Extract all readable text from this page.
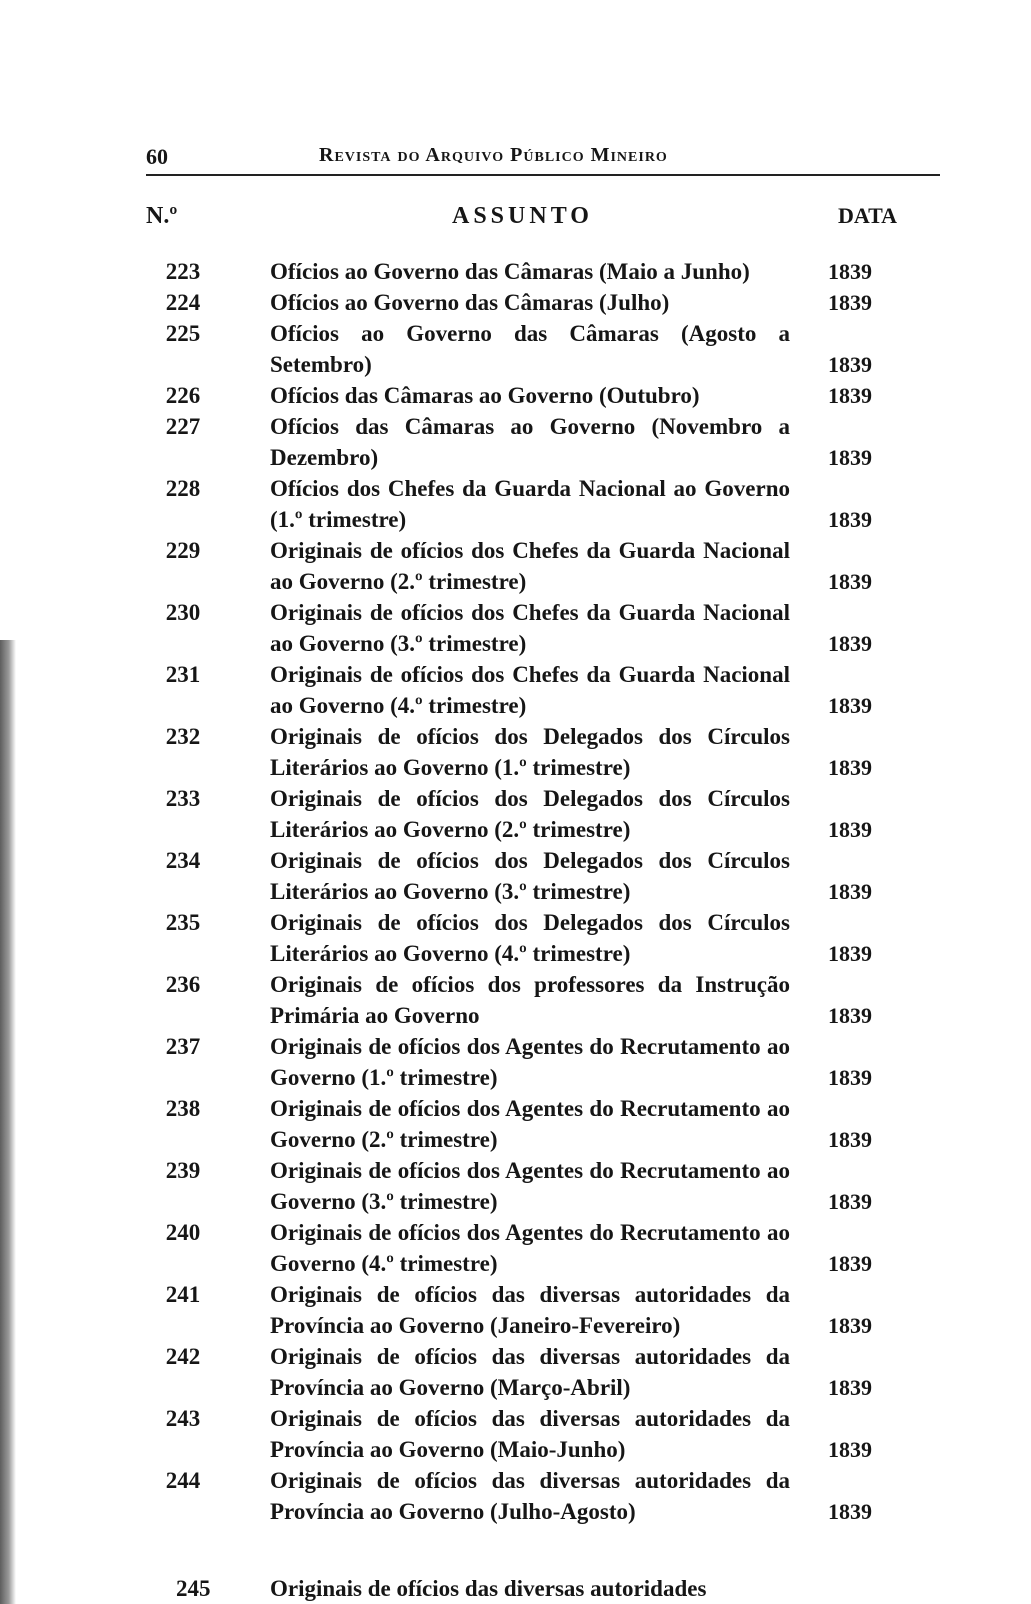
60	Revista do Arquivo Público Mineiro
N.º	ASSUNTO	DATA
223	Ofícios ao Governo das Câmaras (Maio a Junho)	1839
224	Ofícios ao Governo das Câmaras (Julho)	1839
225	Ofícios ao Governo das Câmaras (Agosto a Setembro)	1839
226	Ofícios das Câmaras ao Governo (Outubro)	1839
227	Ofícios das Câmaras ao Governo (Novembro a Dezembro)	1839
228	Ofícios dos Chefes da Guarda Nacional ao Governo (1.º trimestre)	1839
229	Originais de ofícios dos Chefes da Guarda Nacional ao Governo (2.º trimestre)	1839
230	Originais de ofícios dos Chefes da Guarda Nacional ao Governo (3.º trimestre)	1839
231	Originais de ofícios dos Chefes da Guarda Nacional ao Governo (4.º trimestre)	1839
232	Originais de ofícios dos Delegados dos Círculos Literários ao Governo (1.º trimestre)	1839
233	Originais de ofícios dos Delegados dos Círculos Literários ao Governo (2.º trimestre)	1839
234	Originais de ofícios dos Delegados dos Círculos Literários ao Governo (3.º trimestre)	1839
235	Originais de ofícios dos Delegados dos Círculos Literários ao Governo (4.º trimestre)	1839
236	Originais de ofícios dos professores da Instrução Primária ao Governo	1839
237	Originais de ofícios dos Agentes do Recrutamento ao Governo (1.º trimestre)	1839
238	Originais de ofícios dos Agentes do Recrutamento ao Governo (2.º trimestre)	1839
239	Originais de ofícios dos Agentes do Recrutamento ao Governo (3.º trimestre)	1839
240	Originais de ofícios dos Agentes do Recrutamento ao Governo (4.º trimestre)	1839
241	Originais de ofícios das diversas autoridades da Província ao Governo (Janeiro-Fevereiro)	1839
242	Originais de ofícios das diversas autoridades da Província ao Governo (Março-Abril)	1839
243	Originais de ofícios das diversas autoridades da Província ao Governo (Maio-Junho)	1839
244	Originais de ofícios das diversas autoridades da Província ao Governo (Julho-Agosto)	1839
245	Originais de ofícios das diversas autoridades
